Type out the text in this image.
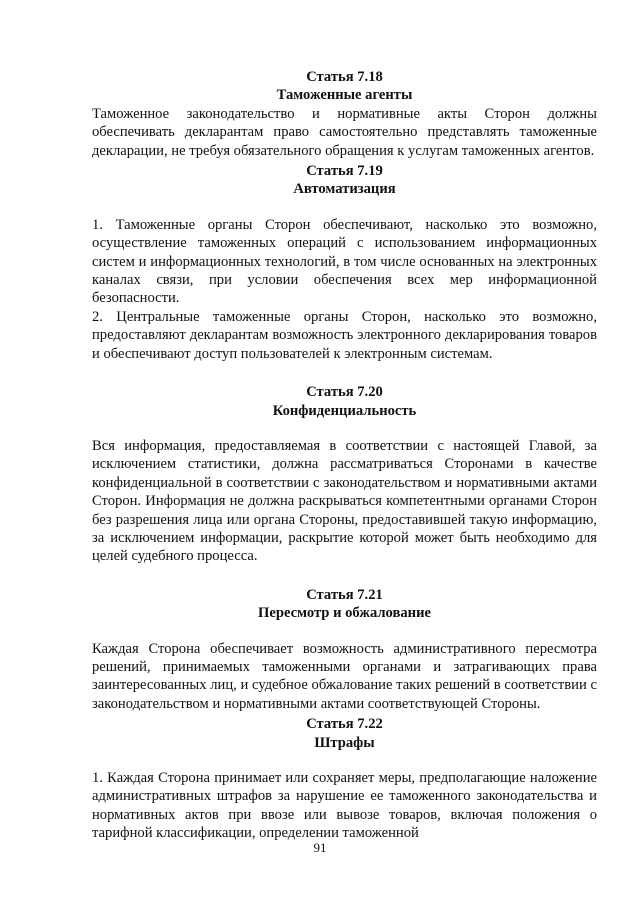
Статья 7.18

Таможенные агенты

Таможенное законодательство и нормативные акты Сторон должны обеспечивать декларантам право самостоятельно представлять таможенные декларации, не требуя обязательного обращения к услугам таможенных агентов.

Статья 7.19

Автоматизация

1. Таможенные органы Сторон обеспечивают, насколько это возможно, осуществление таможенных операций с использованием информационных систем и информационных технологий, в том числе основанных на электронных каналах связи, при условии обеспечения всех мер информационной безопасности.

2. Центральные таможенные органы Сторон, насколько это возможно, предоставляют декларантам возможность электронного декларирования товаров и обеспечивают доступ пользователей к электронным системам.

Статья 7.20

Конфиденциальность

Вся информация, предоставляемая в соответствии с настоящей Главой, за исключением статистики, должна рассматриваться Сторонами в качестве конфиденциальной в соответствии с законодательством и нормативными актами Сторон. Информация не должна раскрываться компетентными органами Сторон без разрешения лица или органа Стороны, предоставившей такую информацию, за исключением информации, раскрытие которой может быть необходимо для целей судебного процесса.

Статья 7.21

Пересмотр и обжалование

Каждая Сторона обеспечивает возможность административного пересмотра решений, принимаемых таможенными органами и затрагивающих права заинтересованных лиц, и судебное обжалование таких решений в соответствии с законодательством и нормативными актами соответствующей Стороны.

Статья 7.22

Штрафы

1. Каждая Сторона принимает или сохраняет меры, предполагающие наложение административных штрафов за нарушение ее таможенного законодательства и нормативных актов при ввозе или вывозе товаров, включая положения о тарифной классификации, определении таможенной

91
